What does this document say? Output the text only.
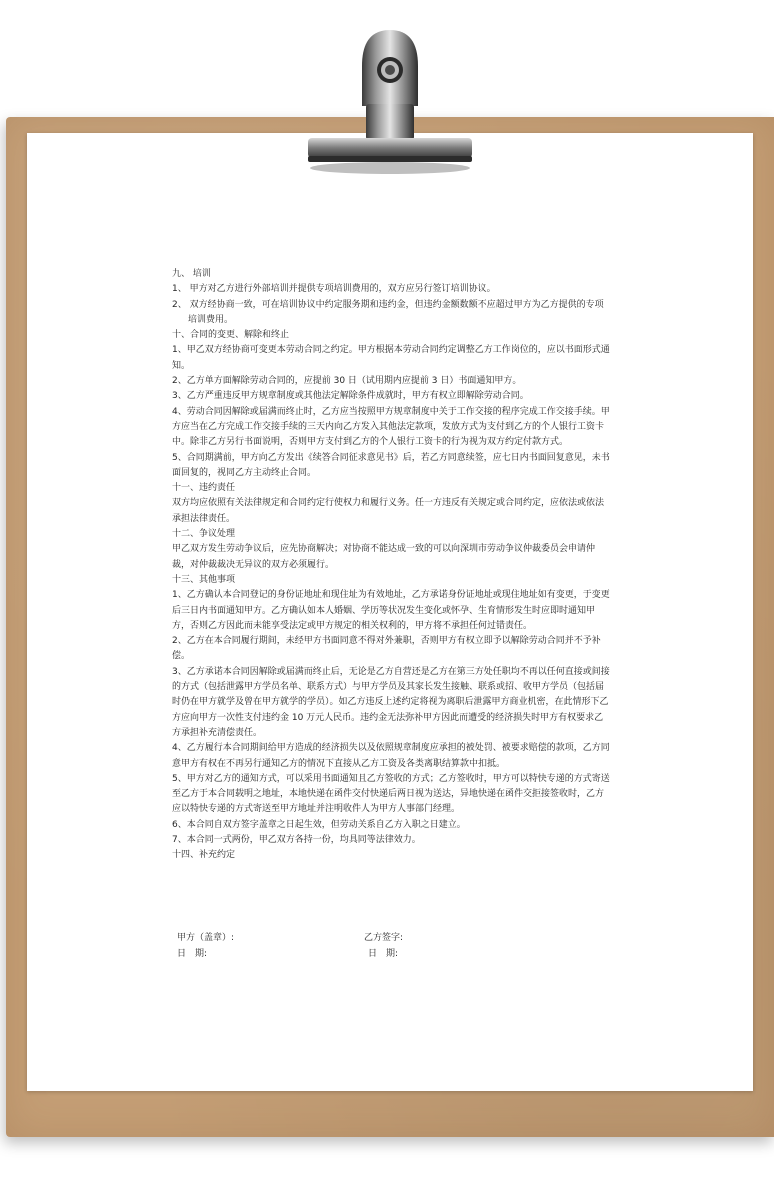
九、 培训

1、 甲方对乙方进行外部培训并提供专项培训费用的，双方应另行签订培训协议。

2、 双方经协商一致，可在培训协议中约定服务期和违约金，但违约金额数额不应超过甲方为乙方提供的专项培训费用。

十、合同的变更、解除和终止

1、甲乙双方经协商可变更本劳动合同之约定。甲方根据本劳动合同约定调整乙方工作岗位的，应以书面形式通知。

2、乙方单方面解除劳动合同的，应提前 30 日（试用期内应提前 3 日）书面通知甲方。

3、乙方严重违反甲方规章制度或其他法定解除条件成就时，甲方有权立即解除劳动合同。

4、劳动合同因解除或届满而终止时，乙方应当按照甲方规章制度中关于工作交接的程序完成工作交接手续。甲方应当在乙方完成工作交接手续的三天内向乙方发入其他法定款项，发放方式为支付到乙方的个人银行工资卡中。除非乙方另行书面说明，否则甲方支付到乙方的个人银行工资卡的行为视为双方约定付款方式。

5、合同期满前，甲方向乙方发出《续答合同征求意见书》后，若乙方同意续签，应七日内书面回复意见，未书面回复的，视同乙方主动终止合同。

十一、违约责任

双方均应依照有关法律规定和合同约定行使权力和履行义务。任一方违反有关规定或合同约定，应依法或依法承担法律责任。

十二、争议处理

甲乙双方发生劳动争议后，应先协商解决；对协商不能达成一致的可以向深圳市劳动争议仲裁委员会申请仲裁，对仲裁裁决无异议的双方必须履行。

十三、其他事项

1、乙方确认本合同登记的身份证地址和现住址为有效地址，乙方承诺身份证地址或现住地址如有变更，于变更后三日内书面通知甲方。乙方确认如本人婚姻、学历等状况发生变化或怀孕、生育情形发生时应即时通知甲方，否则乙方因此而未能享受法定或甲方规定的相关权利的，甲方将不承担任何过错责任。

2、乙方在本合同履行期间，未经甲方书面同意不得对外兼职，否则甲方有权立即予以解除劳动合同并不予补偿。

3、乙方承诺本合同因解除或届满而终止后，无论是乙方自营还是乙方在第三方处任职均不再以任何直接或间接的方式（包括泄露甲方学员名单、联系方式）与甲方学员及其家长发生接触、联系或招、收甲方学员（包括届时仍在甲方就学及曾在甲方就学的学员）。如乙方违反上述约定将视为离职后泄露甲方商业机密，在此情形下乙方应向甲方一次性支付违约金 10 万元人民币。违约金无法弥补甲方因此而遭受的经济损失时甲方有权要求乙方承担补充清偿责任。

4、乙方履行本合同期间给甲方造成的经济损失以及依照规章制度应承担的被处罚、被要求赔偿的款项，乙方同意甲方有权在不再另行通知乙方的情况下直接从乙方工资及各类离职结算款中扣抵。

5、甲方对乙方的通知方式，可以采用书面通知且乙方签收的方式；乙方签收时，甲方可以特快专递的方式寄送至乙方于本合同载明之地址，本地快递在函件交付快递后两日视为送达，异地快递在函件交拒接签收时，乙方应以特快专递的方式寄送至甲方地址并注明收件人为甲方人事部门经理。

6、本合同自双方签字盖章之日起生效，但劳动关系自乙方入职之日建立。

7、本合同一式两份，甲乙双方各持一份，均具同等法律效力。

十四、补充约定

甲方（盖章）:	乙方签字:
日　期:	日　期:
